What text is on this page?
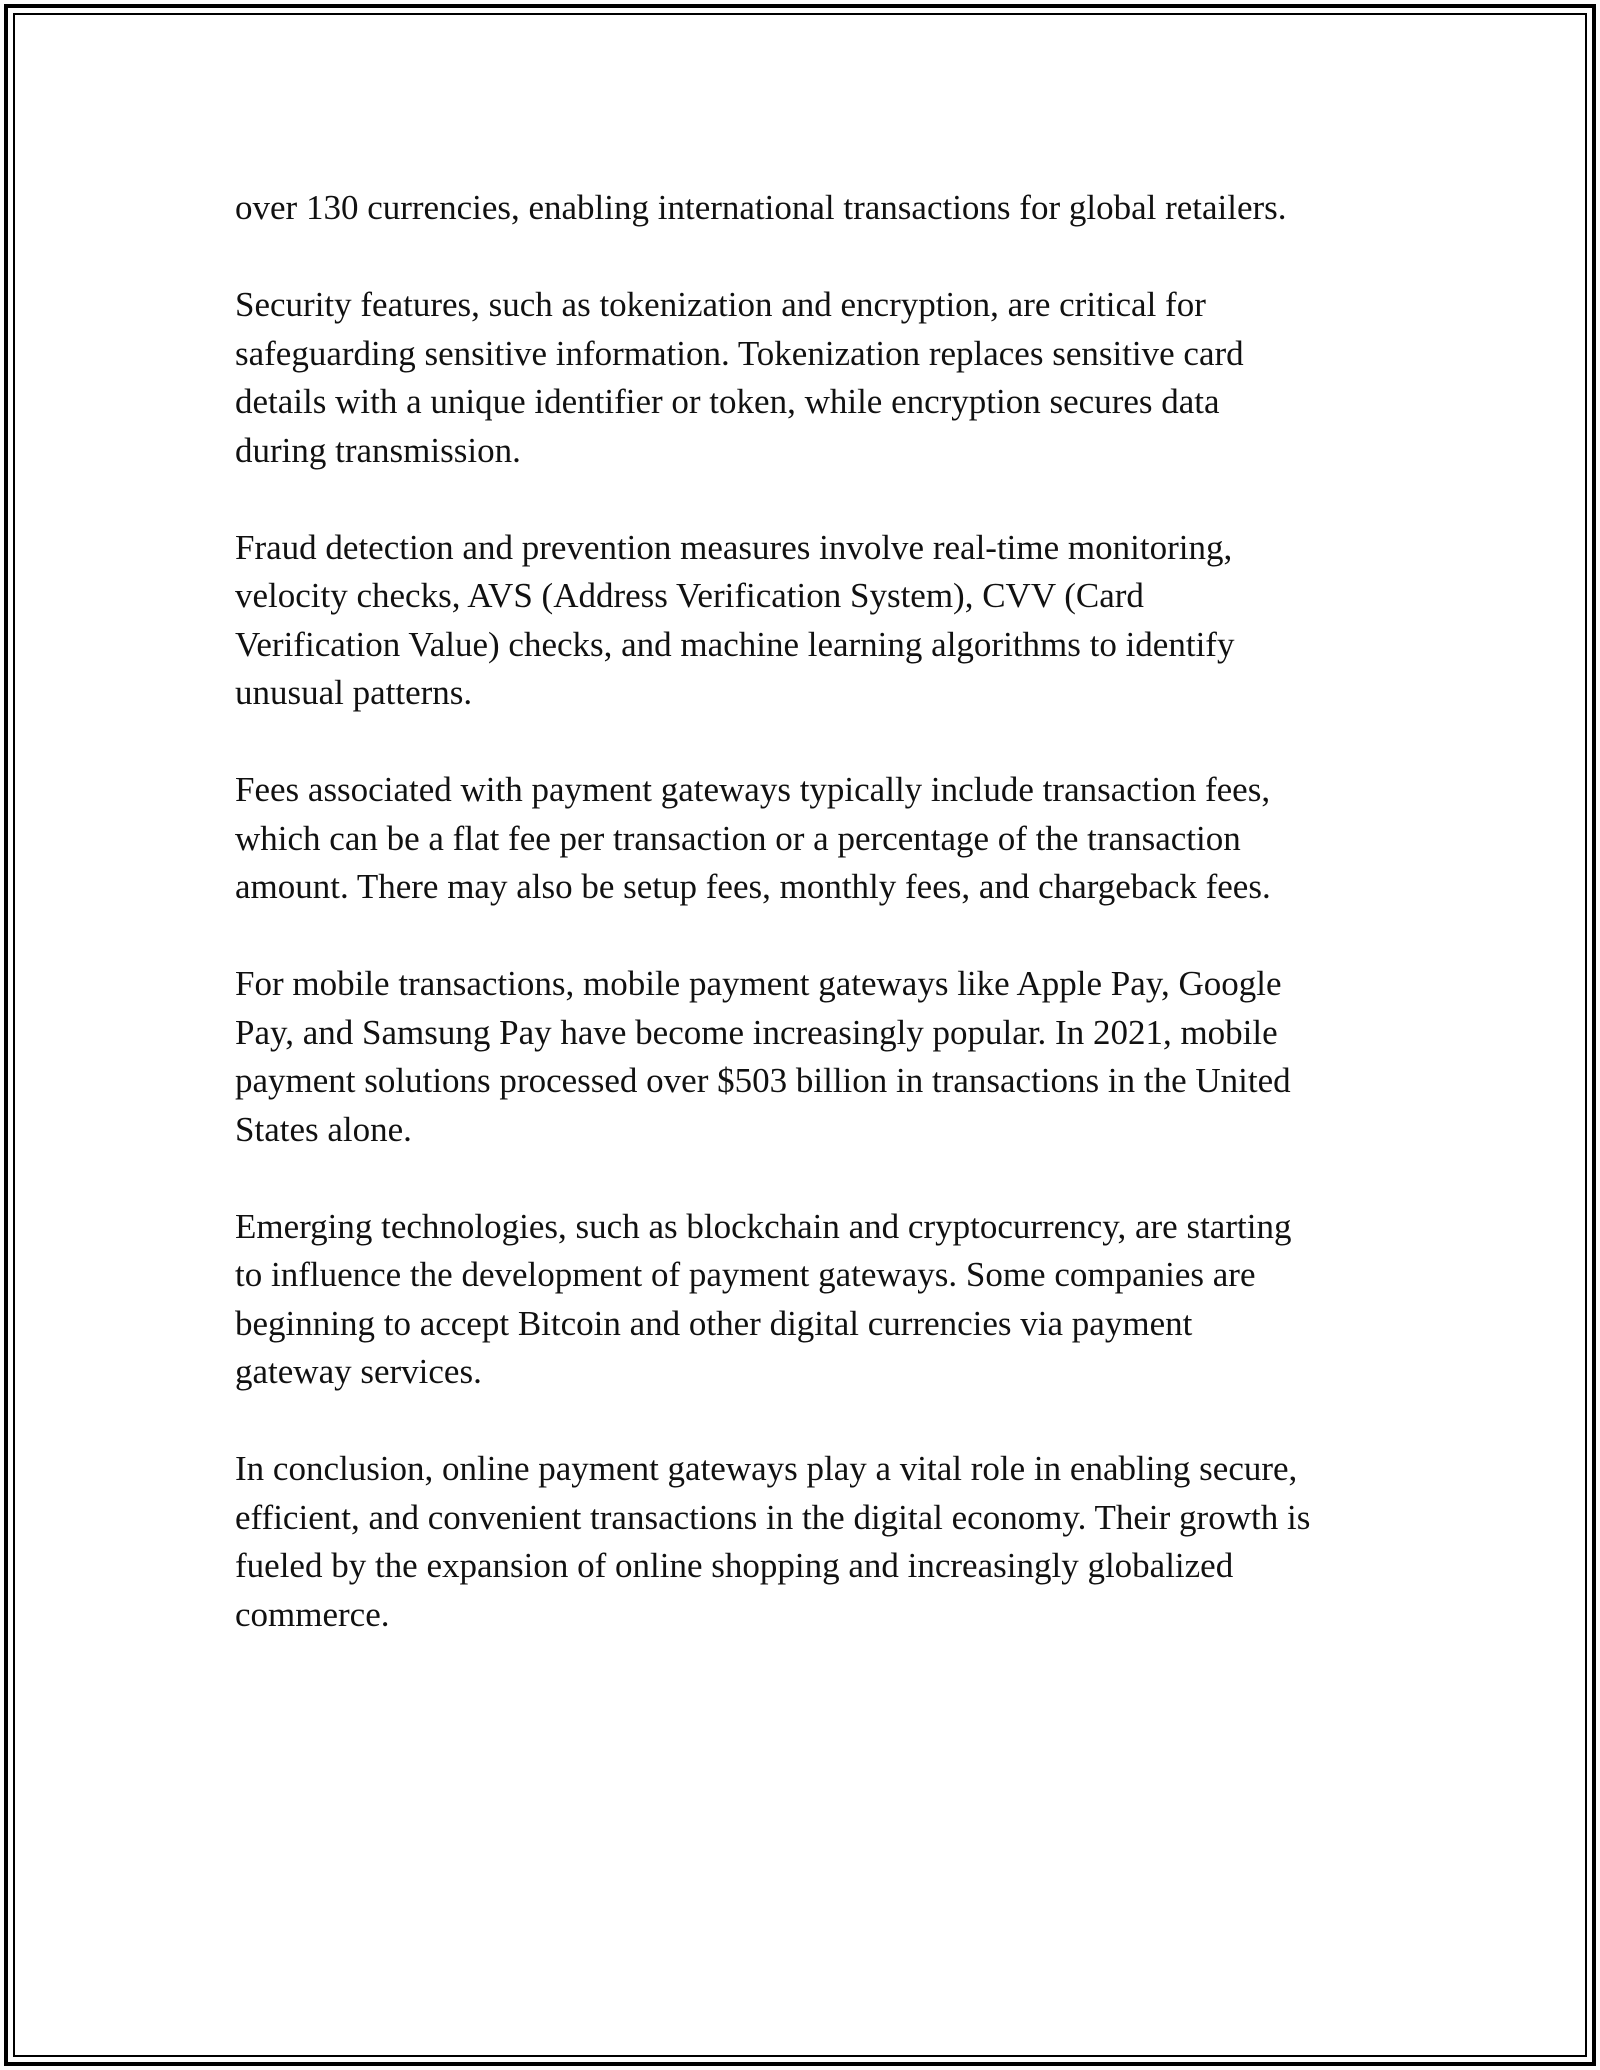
over 130 currencies, enabling international transactions for global retailers.

Security features, such as tokenization and encryption, are critical for
safeguarding sensitive information. Tokenization replaces sensitive card
details with a unique identifier or token, while encryption secures data
during transmission.

Fraud detection and prevention measures involve real-time monitoring,
velocity checks, AVS (Address Verification System), CVV (Card
Verification Value) checks, and machine learning algorithms to identify
unusual patterns.

Fees associated with payment gateways typically include transaction fees,
which can be a flat fee per transaction or a percentage of the transaction
amount. There may also be setup fees, monthly fees, and chargeback fees.

For mobile transactions, mobile payment gateways like Apple Pay, Google
Pay, and Samsung Pay have become increasingly popular. In 2021, mobile
payment solutions processed over $503 billion in transactions in the United
States alone.

Emerging technologies, such as blockchain and cryptocurrency, are starting
to influence the development of payment gateways. Some companies are
beginning to accept Bitcoin and other digital currencies via payment
gateway services.

In conclusion, online payment gateways play a vital role in enabling secure,
efficient, and convenient transactions in the digital economy. Their growth is
fueled by the expansion of online shopping and increasingly globalized
commerce.
